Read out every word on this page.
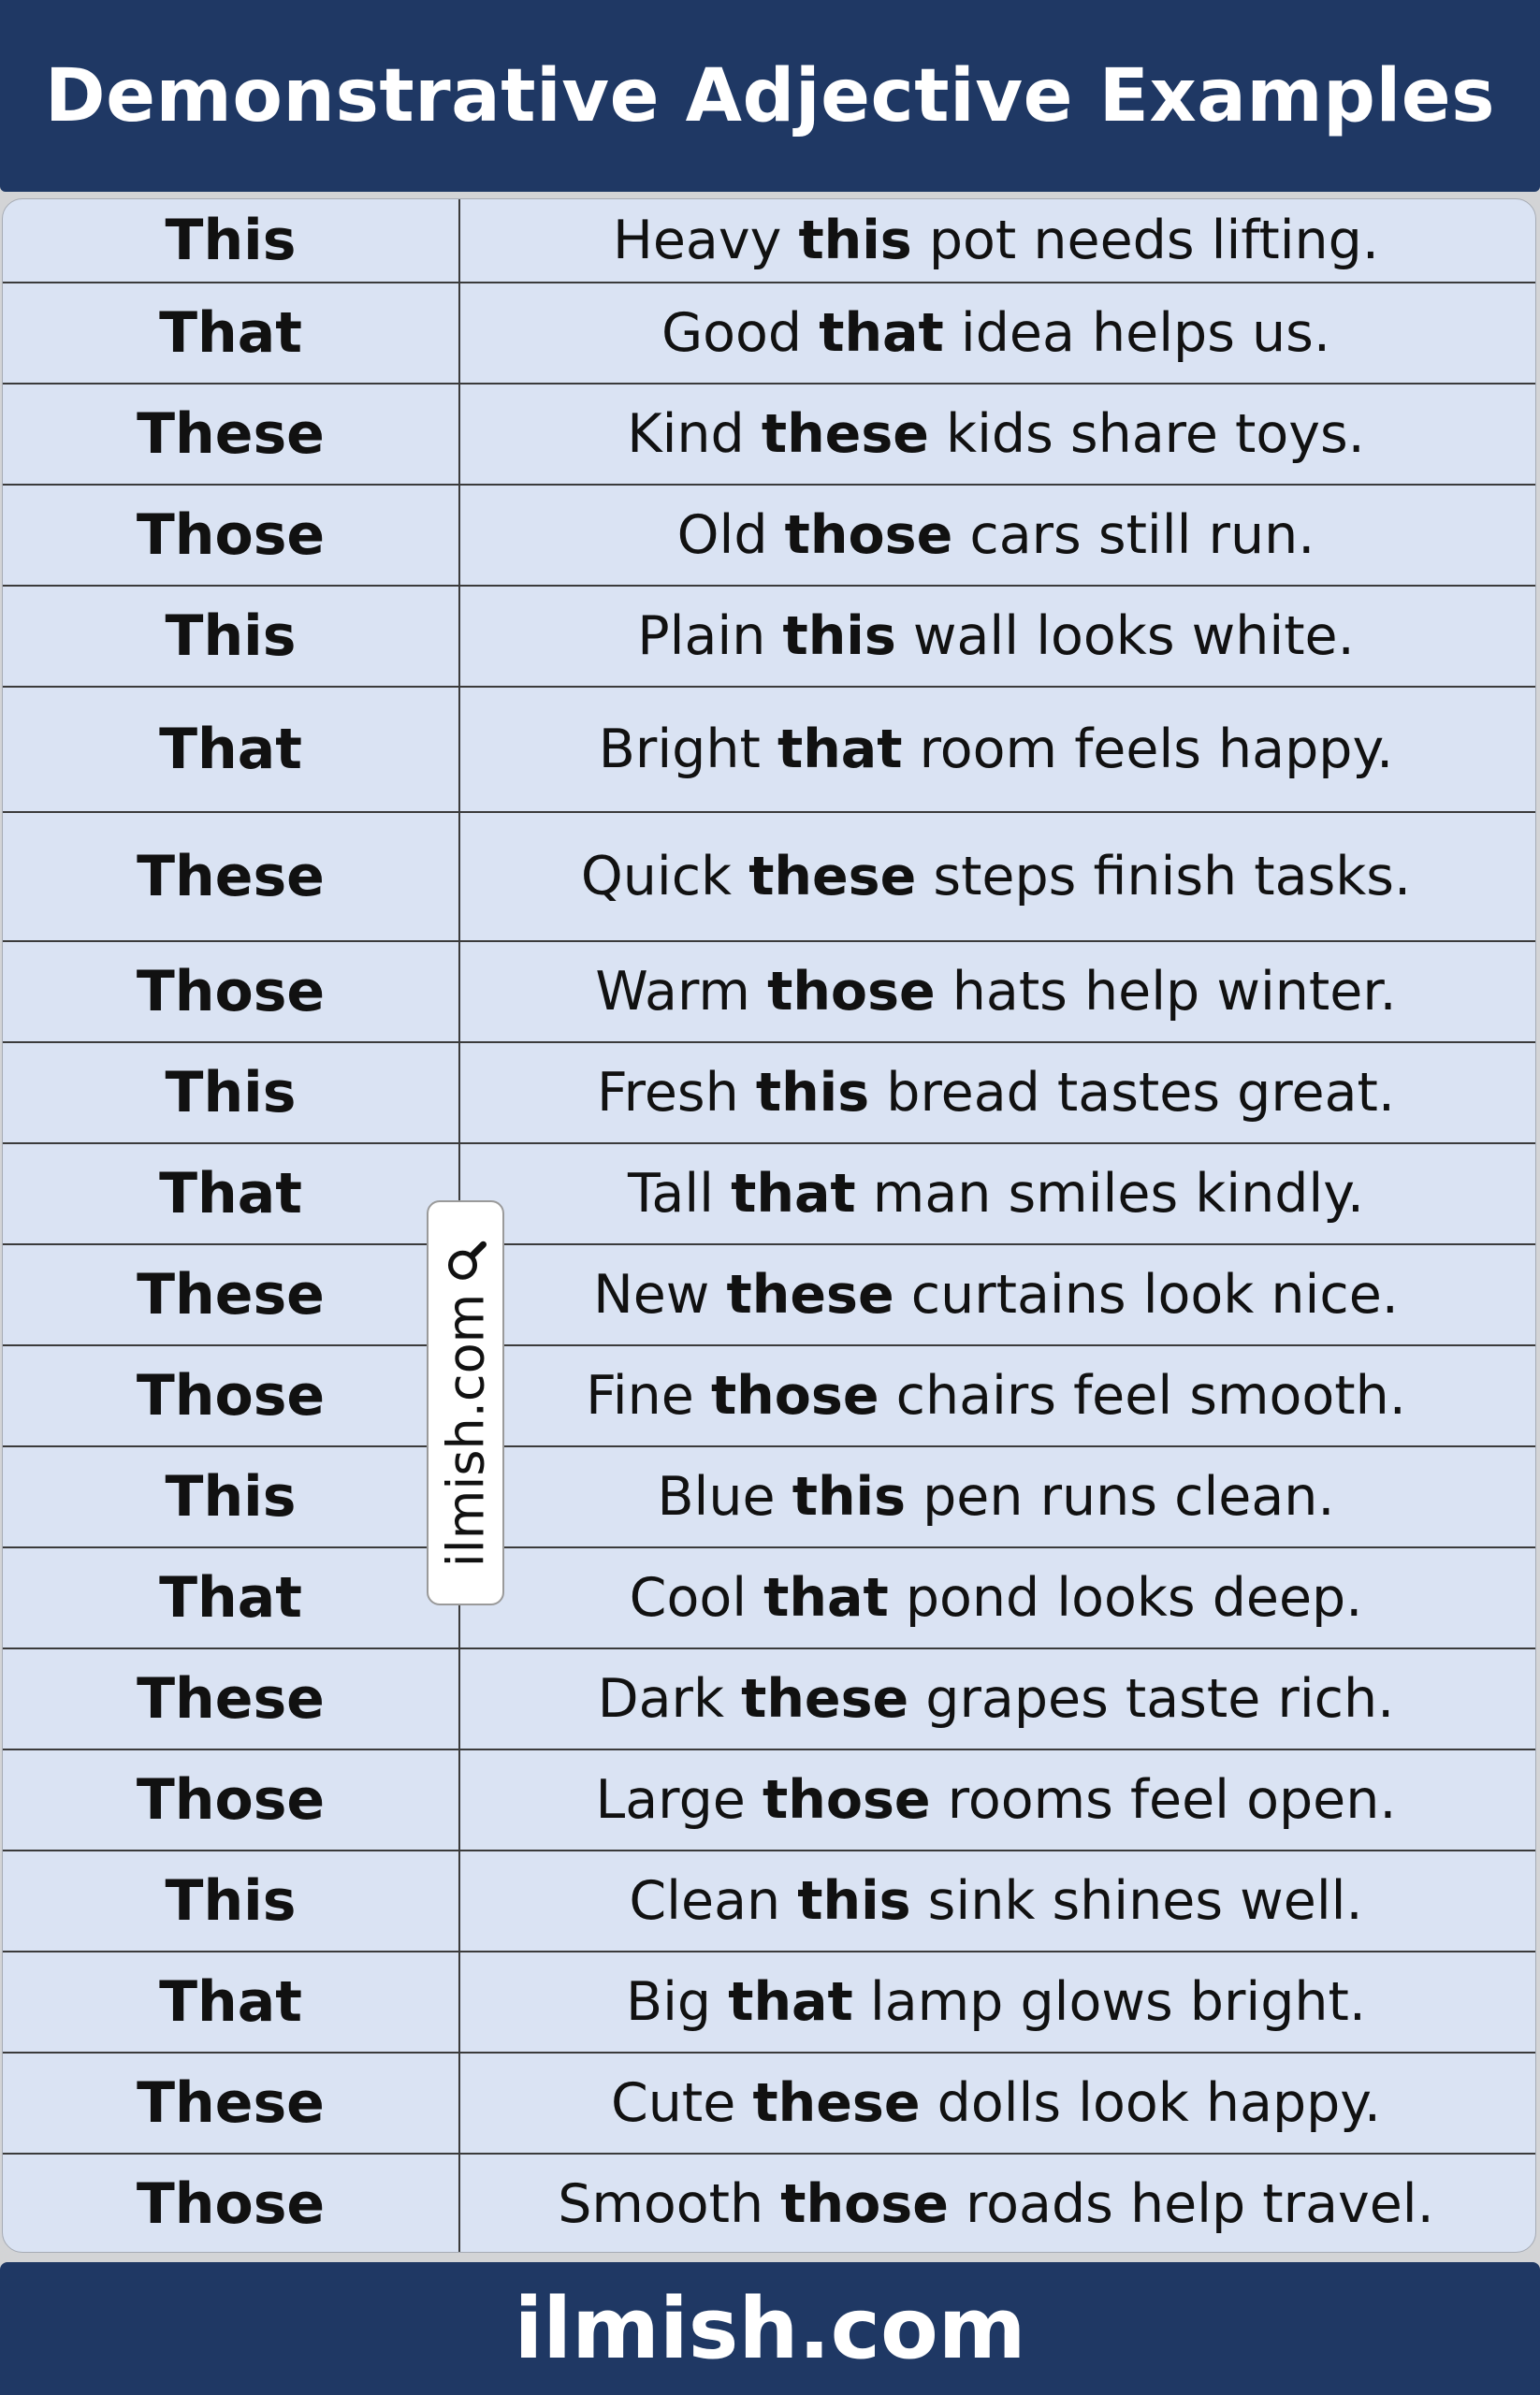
Demonstrative Adjective Examples
This	Heavy this pot needs lifting.
That	Good that idea helps us.
These	Kind these kids share toys.
Those	Old those cars still run.
This	Plain this wall looks white.
That	Bright that room feels happy.
These	Quick these steps finish tasks.
Those	Warm those hats help winter.
This	Fresh this bread tastes great.
That	Tall that man smiles kindly.
These	New these curtains look nice.
Those	Fine those chairs feel smooth.
This	Blue this pen runs clean.
That	Cool that pond looks deep.
These	Dark these grapes taste rich.
Those	Large those rooms feel open.
This	Clean this sink shines well.
That	Big that lamp glows bright.
These	Cute these dolls look happy.
Those	Smooth those roads help travel.
ilmish.com
ilmish.com
